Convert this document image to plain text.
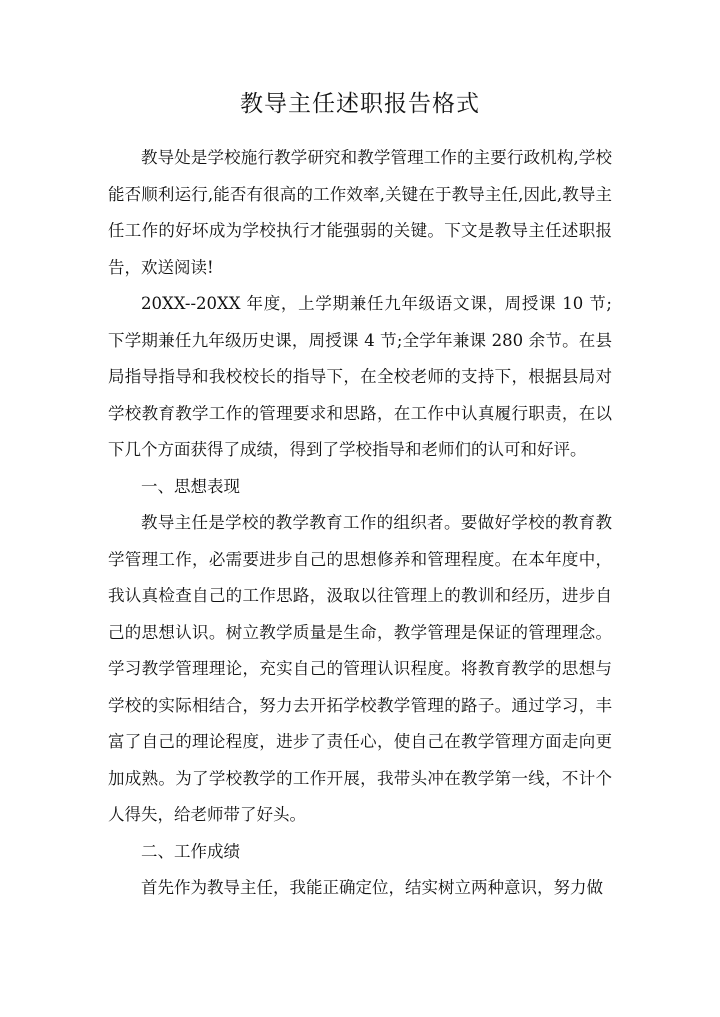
教导主任述职报告格式

教导处是学校施行教学研究和教学管理工作的主要行政机构,学校能否顺利运行,能否有很高的工作效率,关键在于教导主任,因此,教导主任工作的好坏成为学校执行才能强弱的关键。下文是教导主任述职报告，欢送阅读!

20XX--20XX 年度，上学期兼任九年级语文课，周授课 10 节;下学期兼任九年级历史课，周授课 4 节;全学年兼课 280 余节。在县局指导指导和我校校长的指导下，在全校老师的支持下，根据县局对学校教育教学工作的管理要求和思路，在工作中认真履行职责，在以下几个方面获得了成绩，得到了学校指导和老师们的认可和好评。

一、思想表现

教导主任是学校的教学教育工作的组织者。要做好学校的教育教学管理工作，必需要进步自己的思想修养和管理程度。在本年度中，我认真检查自己的工作思路，汲取以往管理上的教训和经历，进步自己的思想认识。树立教学质量是生命，教学管理是保证的管理理念。学习教学管理理论，充实自己的管理认识程度。将教育教学的思想与学校的实际相结合，努力去开拓学校教学管理的路子。通过学习，丰富了自己的理论程度，进步了责任心，使自己在教学管理方面走向更加成熟。为了学校教学的工作开展，我带头冲在教学第一线，不计个人得失，给老师带了好头。

二、工作成绩

首先作为教导主任，我能正确定位，结实树立两种意识，努力做
